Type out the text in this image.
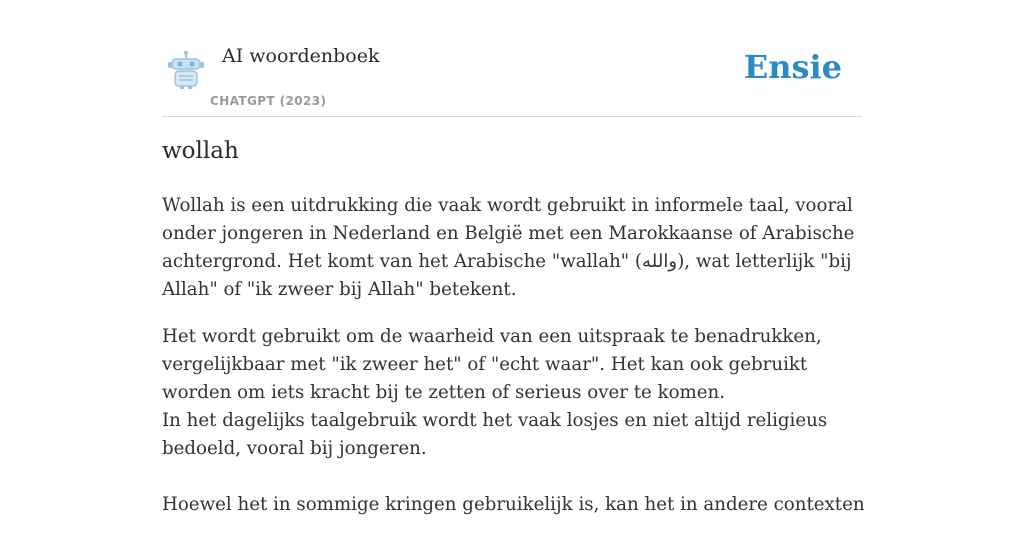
AI woordenboek
CHATGPT (2023)
Ensie
wollah

Wollah is een uitdrukking die vaak wordt gebruikt in informele taal, vooral onder jongeren in Nederland en België met een Marokkaanse of Arabische achtergrond. Het komt van het Arabische "wallah" (والله), wat letterlijk "bij Allah" of "ik zweer bij Allah" betekent.

Het wordt gebruikt om de waarheid van een uitspraak te benadrukken, vergelijkbaar met "ik zweer het" of "echt waar". Het kan ook gebruikt worden om iets kracht bij te zetten of serieus over te komen.
In het dagelijks taalgebruik wordt het vaak losjes en niet altijd religieus bedoeld, vooral bij jongeren.

Hoewel het in sommige kringen gebruikelijk is, kan het in andere contexten
